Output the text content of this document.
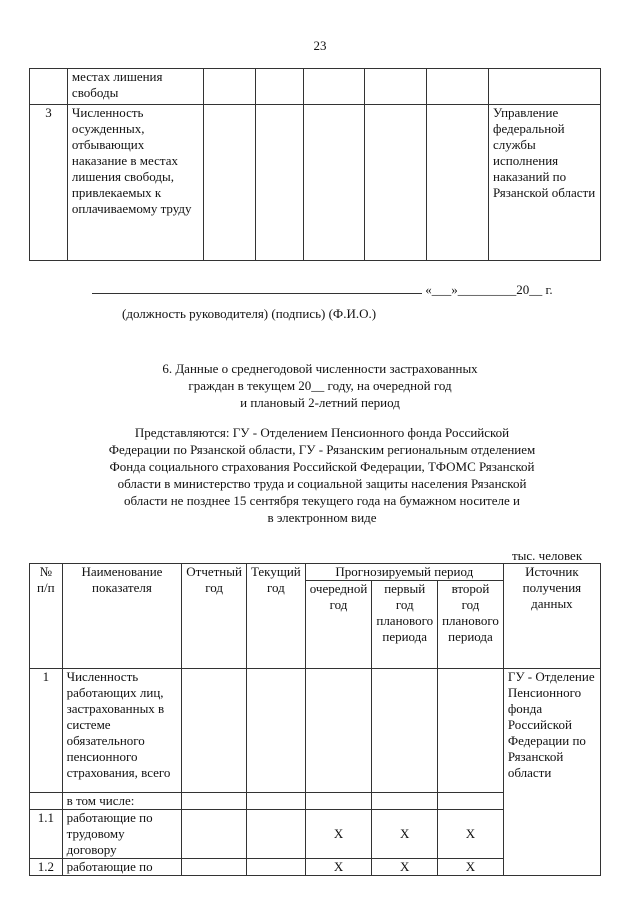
23
	местах лишения свободы						
3	Численность осужденных, отбывающих наказание в местах лишения свободы, привлекаемых к оплачиваемому труду						Управление федеральной службы исполнения наказаний по Рязанской области
«___»_________20__ г.
(должность руководителя) (подпись) (Ф.И.О.)
6. Данные о среднегодовой численности застрахованных
граждан в текущем 20__ году, на очередной год
и плановый 2-летний период
Представляются: ГУ - Отделением Пенсионного фонда Российской
Федерации по Рязанской области, ГУ - Рязанским региональным отделением
Фонда социального страхования Российской Федерации, ТФОМС Рязанской
области в министерство труда и социальной защиты населения Рязанской
области не позднее 15 сентября текущего года на бумажном носителе и
в электронном виде
тыс. человек
№ п/п	Наименование показателя	Отчетный год	Текущий год	Прогнозируемый период			Источник получения данных
				очередной год	первый год планового периода	второй год планового периода	
1	Численность работающих лиц, застрахованных в системе обязательного пенсионного страхования, всего						ГУ - Отделение Пенсионного фонда Российской Федерации по Рязанской области
	в том числе:						
1.1	работающие по трудовому договору			X	X	X	
1.2	работающие по			X	X	X	
